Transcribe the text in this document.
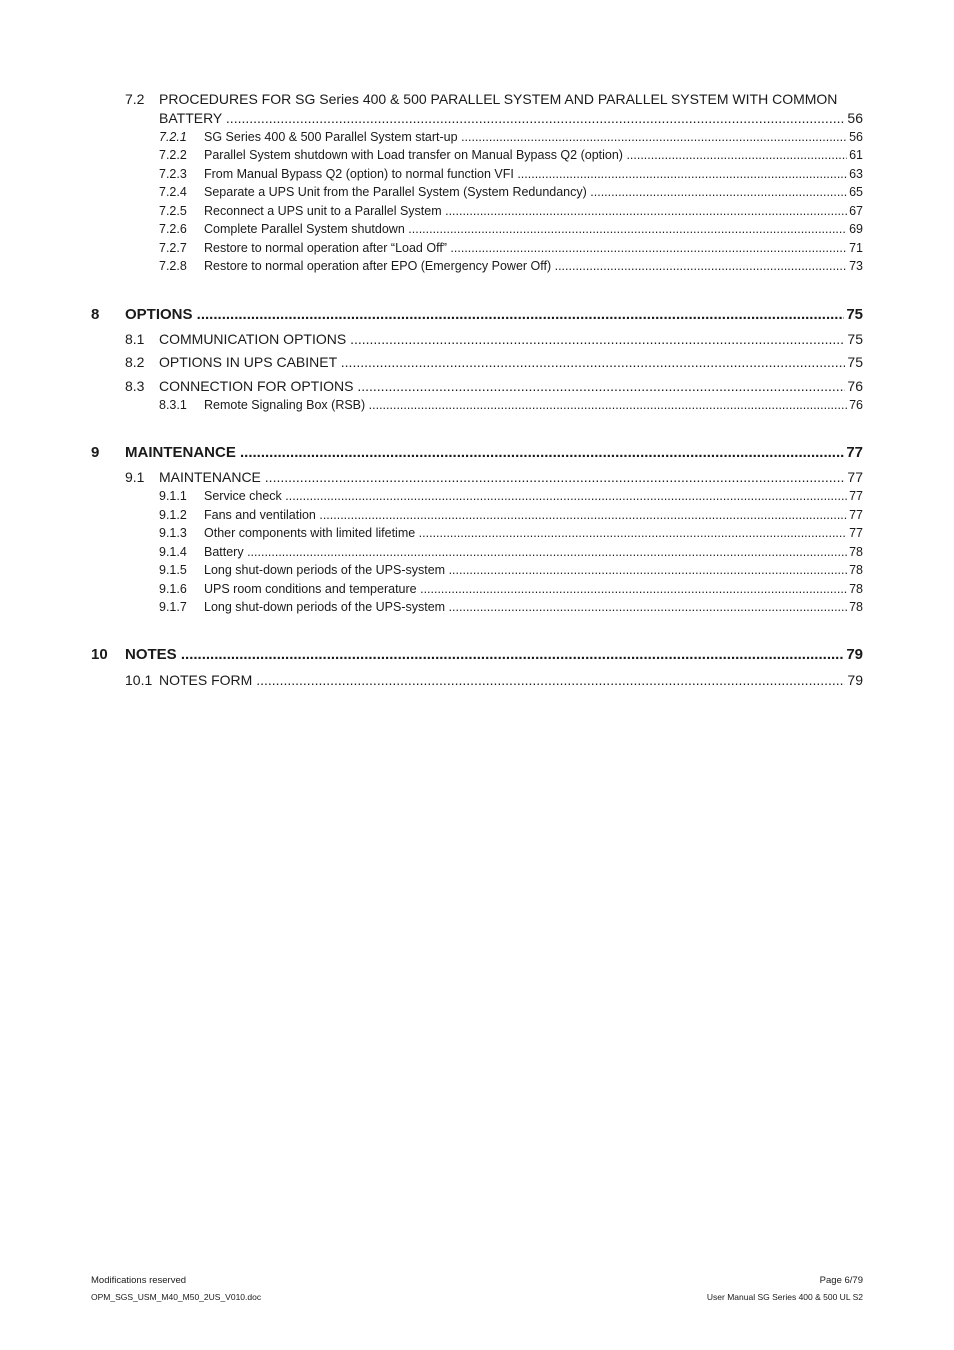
7.2 PROCEDURES FOR SG Series 400 & 500 PARALLEL SYSTEM AND PARALLEL SYSTEM WITH COMMON
BATTERY .....	56
7.2.1	SG Series 400 & 500 Parallel System start-up .....	56
7.2.2	Parallel System shutdown with Load transfer on Manual Bypass Q2 (option) .....	61
7.2.3	From Manual Bypass Q2 (option) to normal function VFI .....	63
7.2.4	Separate a UPS Unit from the Parallel System (System Redundancy) .....	65
7.2.5	Reconnect a UPS unit to a Parallel System .....	67
7.2.6	Complete Parallel System shutdown .....	69
7.2.7	Restore to normal operation after “Load Off” .....	71
7.2.8	Restore to normal operation after EPO (Emergency Power Off) .....	73
8 OPTIONS .....	75
8.1 COMMUNICATION OPTIONS .....	75
8.2 OPTIONS IN UPS CABINET .....	75
8.3 CONNECTION FOR OPTIONS .....	76
8.3.1	Remote Signaling Box (RSB) .....	76
9 MAINTENANCE .....	77
9.1 MAINTENANCE .....	77
9.1.1	Service check .....	77
9.1.2	Fans and ventilation .....	77
9.1.3	Other components with limited lifetime .....	77
9.1.4	Battery .....	78
9.1.5	Long shut-down periods of the UPS-system .....	78
9.1.6	UPS room conditions and temperature .....	78
9.1.7	Long shut-down periods of the UPS-system .....	78
10 NOTES .....	79
10.1 NOTES FORM .....	79
Modifications reserved
OPM_SGS_USM_M40_M50_2US_V010.doc
Page 6/79
User Manual SG Series 400 & 500 UL S2
